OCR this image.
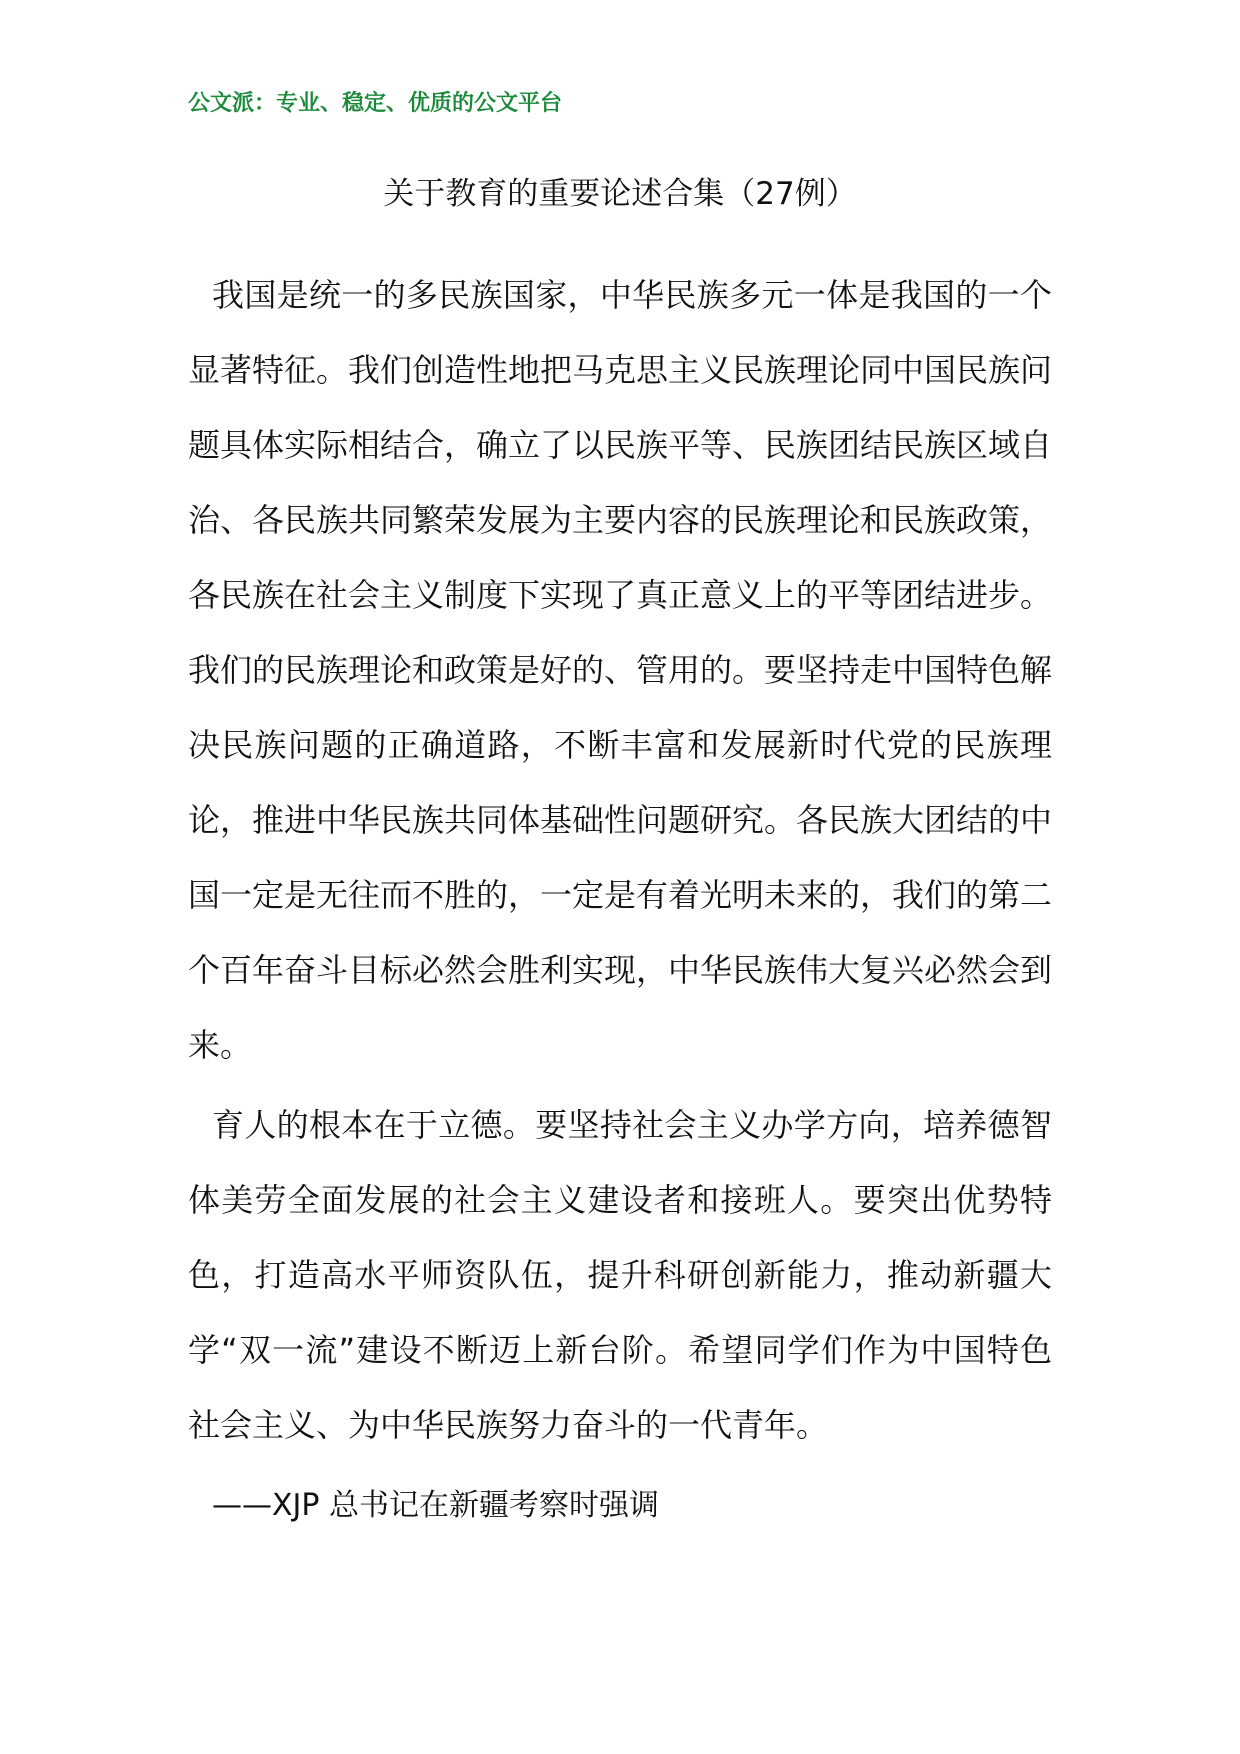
公文派：专业、稳定、优质的公文平台
关于教育的重要论述合集（27例）

我国是统一的多民族国家，中华民族多元一体是我国的一个显著特征。我们创造性地把马克思主义民族理论同中国民族问题具体实际相结合，确立了以民族平等、民族团结民族区域自治、各民族共同繁荣发展为主要内容的民族理论和民族政策，各民族在社会主义制度下实现了真正意义上的平等团结进步。我们的民族理论和政策是好的、管用的。要坚持走中国特色解决民族问题的正确道路，不断丰富和发展新时代党的民族理论，推进中华民族共同体基础性问题研究。各民族大团结的中国一定是无往而不胜的，一定是有着光明未来的，我们的第二个百年奋斗目标必然会胜利实现，中华民族伟大复兴必然会到来。

育人的根本在于立德。要坚持社会主义办学方向，培养德智体美劳全面发展的社会主义建设者和接班人。要突出优势特色，打造高水平师资队伍，提升科研创新能力，推动新疆大学“双一流”建设不断迈上新台阶。希望同学们作为中国特色社会主义、为中华民族努力奋斗的一代青年。

——XJP 总书记在新疆考察时强调
